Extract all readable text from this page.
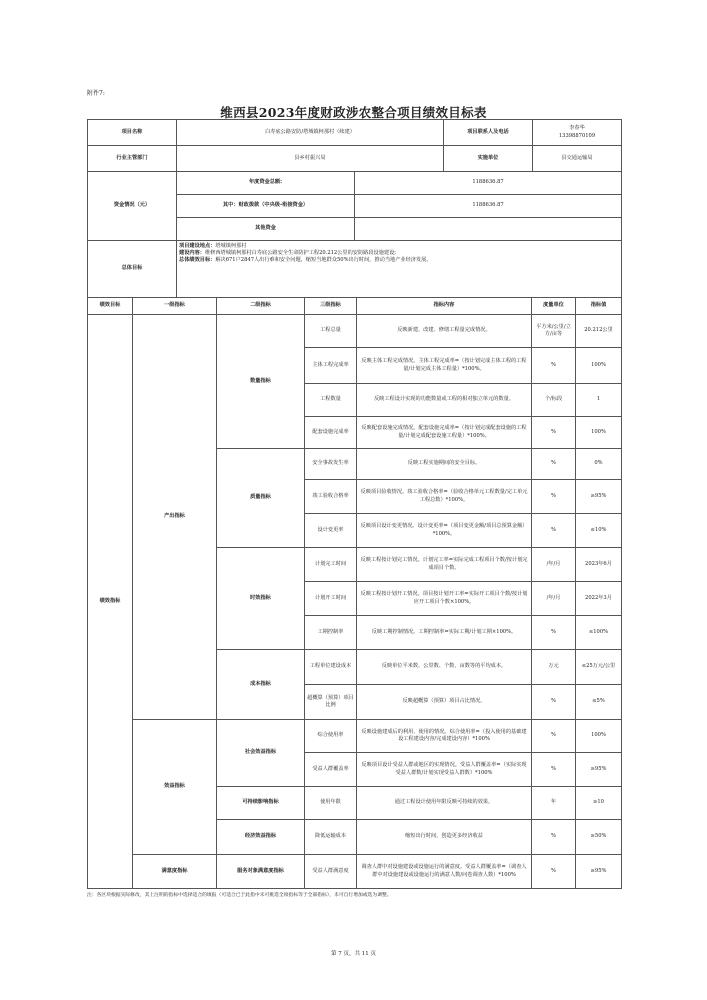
附件7:
维西县2023年度财政涉农整合项目绩效目标表
项目名称	白寿底公路安防/塔城镇柯那村（续建）		项目联系人及电话	李春华
13398870109

行业主管部门	县乡村振兴局		实施单位	县交通运输局
资金情况（元）	年度资金总额:	1188636.87		
	其中：财政拨款（中央级-衔接资金）	1188636.87		
	其他资金			
总体目标	项目建设地点：塔城镇柯那村
建设内容：维修西塔城镇柯那村白寿底公路安全生命防护工程20.212公里的安防路段设施建设;
总体绩效目标：解决671户2847人出行难和安全问题，缩短当地群众50%出行时间，推动当地产业经济发展。			
绩效目标	一级指标	二级指标	三级指标	指标内容	度量单位	指标值
绩效指标	产出指标	数量指标	工程总量	反映新建、改建、修缮工程量完成情况。	平方米/公里/立方/亩等	20.212公里
			主体工程完成率	反映主体工程完成情况。主体工程完成率=（按计划完成主体工程的工程量/计划完成主体工程量）*100%。	%	100%
			工程数量	反映工程设计实现的功能数量或工程的相对独立单元的数量。	个/标段	1
			配套设施完成率	反映配套设施完成情况。配套设施完成率=（按计划完成配套设施的工程量/计划完成配套设施工程量）*100%。	%	100%
		质量指标	安全事故发生率	反映工程实施期间的安全目标。	%	0%
			竣工验收合格率	反映项目验收情况。竣工验收合格率=（验收合格单元工程数量/完工单元工程总数）*100%。	%	≥95%
			设计变更率	反映项目设计变更情况。设计变更率=（项目变更金额/项目总预算金额）*100%。	%	≤10%
		时效指标	计划完工时间	反映工程按计划完工情况。计划完工率=实际完成工程项目个数/按计划完成项目个数。	/年/月	2023年6月
			计划开工时间	反映工程按计划开工情况。项目按计划开工率=实际开工项目个数/按计划应开工项目个数×100%。	/年/月	2022年3月
			工期控制率	反映工期控制情况。工期控制率=实际工期/计划工期×100%。	%	≤100%
		成本指标	工程单位建设成本	反映单位平米数、公里数、个数、亩数等的平均成本。	万元	≤25万元/公里
			超概算（预算）项目比例	反映超概算（预算）项目占比情况。	%	≤5%
	效益指标	社会效益指标	综合使用率	反映设施建成后的利用、使用的情况。综合使用率=（投入使用的基础建设工程建设内容/完成建设内容）*100%	%	100%
			受益人群覆盖率	反映项目设计受益人群或地区的实现情况。受益人群覆盖率=（实际实现受益人群数/计划实现受益人群数）*100%	%	≥95%
		可持续影响指标	使用年限	通过工程设计使用年限反映可持续的效果。	年	≥10
		经济效益指标	降低运输成本	缩短出行时间，创造更多经济收益	%	≥50%
	满意度指标	服务对象满意度指标	受益人群满意度	调查人群中对设施建设或设施运行的满意度。受益人群覆盖率=（调查人群中对设施建设或设施运行的满意人数/问卷调查人数）*100%	%	≥95%
注：各区块根据实际修改，其上注明的指标中选择适合的填报（可适合已于此指中未可挑选全项指标等于全部指标），未可自行增加或选为调整。
第 7 页，共 11 页
